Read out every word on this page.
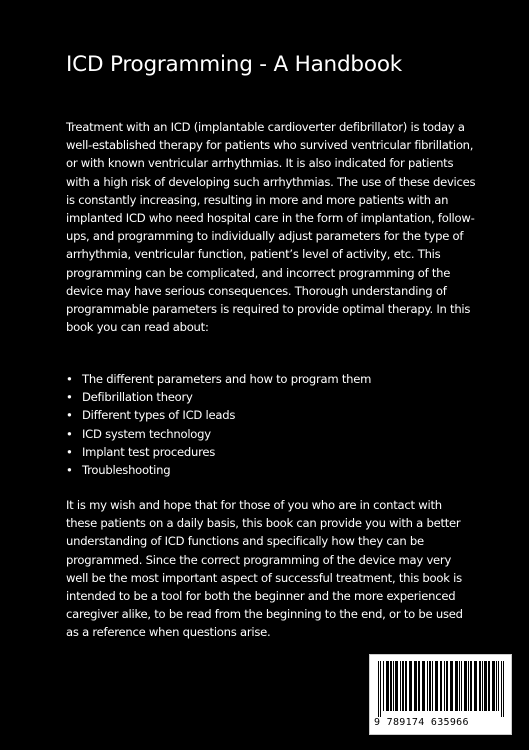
ICD Programming - A Handbook

Treatment with an ICD (implantable cardioverter defibrillator) is today a well-established therapy for patients who survived ventricular fibrillation, or with known ventricular arrhythmias. It is also indicated for patients with a high risk of developing such arrhythmias. The use of these devices is constantly increasing, resulting in more and more patients with an implanted ICD who need hospital care in the form of implantation, follow-ups, and programming to individually adjust parameters for the type of arrhythmia, ventricular function, patient’s level of activity, etc. This programming can be complicated, and incorrect programming of the device may have serious consequences. Thorough understanding of programmable parameters is required to provide optimal therapy. In this book you can read about:

• The different parameters and how to program them
• Defibrillation theory
• Different types of ICD leads
• ICD system technology
• Implant test procedures
• Troubleshooting

It is my wish and hope that for those of you who are in contact with these patients on a daily basis, this book can provide you with a better understanding of ICD functions and specifically how they can be programmed. Since the correct programming of the device may very well be the most important aspect of successful treatment, this book is intended to be a tool for both the beginner and the more experienced caregiver alike, to be read from the beginning to the end, or to be used as a reference when questions arise.

9 789174 635966
